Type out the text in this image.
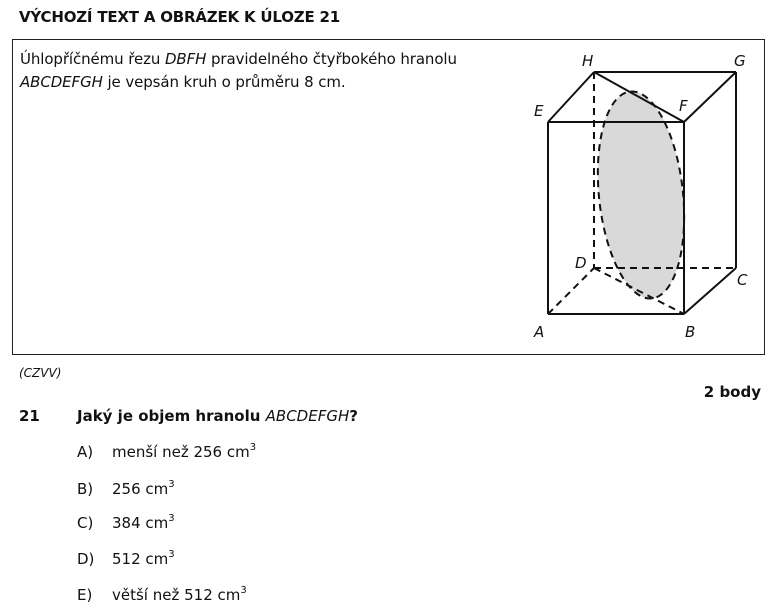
VÝCHOZÍ TEXT A OBRÁZEK K ÚLOZE 21
Úhlopříčnému řezu DBFH pravidelného čtyřbokého hranolu ABCDEFGH je vepsán kruh o průměru 8 cm.
H	G
E	F
D
C
A	B
(CZVV)
2 body
21 Jaký je objem hranolu ABCDEFGH?
A) menší než 256 $cm^3$
B) 256 $cm^3$
C) 384 $cm^3$
D) 512 $cm^3$
E) větší než 512 $cm^3$
